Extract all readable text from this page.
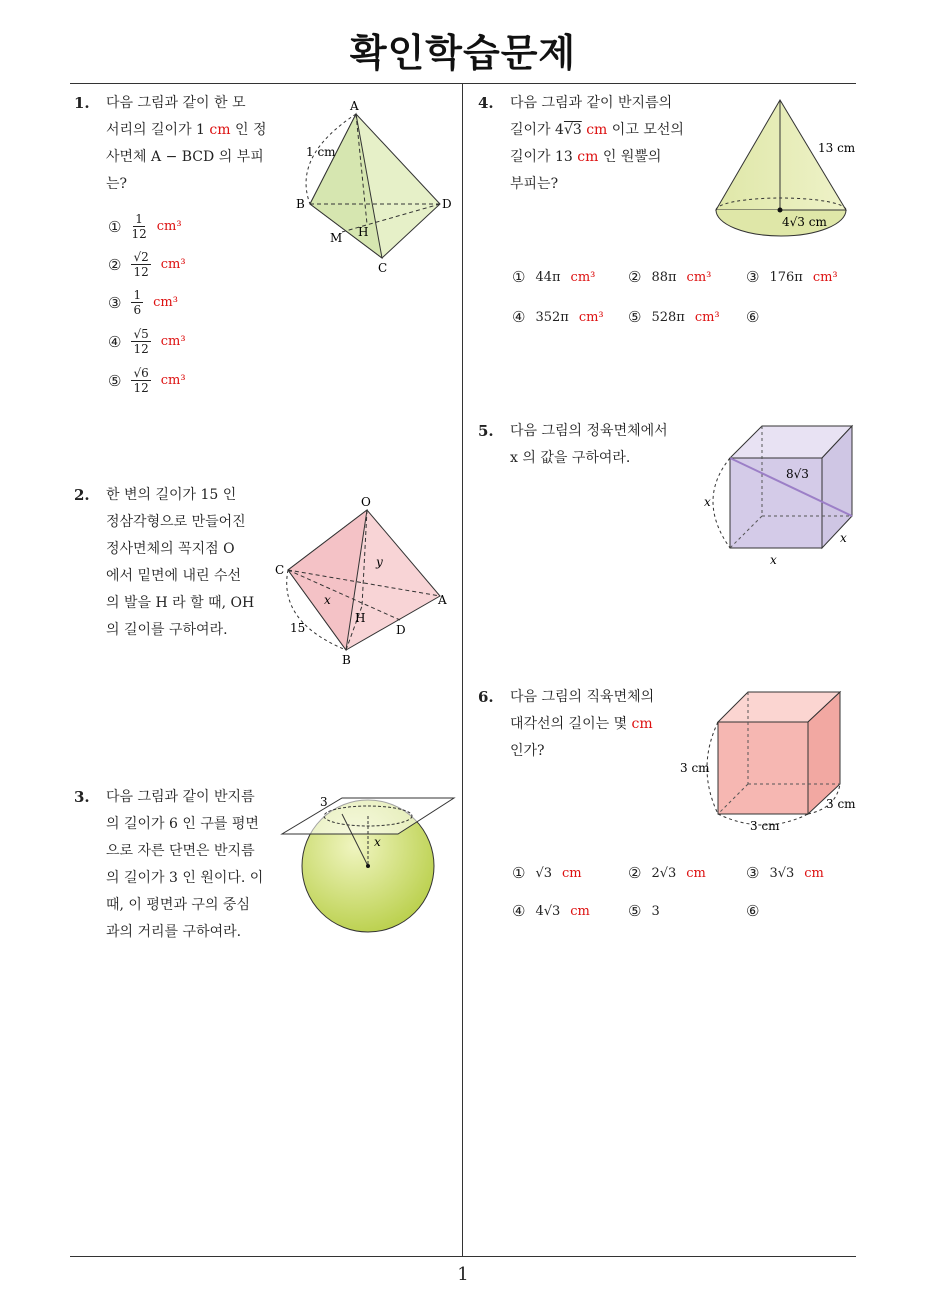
확인학습문제
1
1. 다음 그림과 같이 한 모
서리의 길이가 1 cm 인 정
사면체 A − BCD 의 부피
는?
① $\frac{1}{12} cm^3$
② $\frac{√2}{12} cm^3$
③ $\frac{1}{6} cm^3$
④ $\frac{√5}{12} cm^3$
⑤ $\frac{√6}{12} cm^3$
A
B
C
D
M H
1 cm
2. 한 변의 길이가 15 인
정삼각형으로 만들어진
정사면체의 꼭지점 O
에서 밑면에 내린 수선
의 발을 H 라 할 때, OH
의 길이를 구하여라.
O
C
A
B
H
D
x
y
15
3. 다음 그림과 같이 반지름
의 길이가 6 인 구를 평면
으로 자른 단면은 반지름
의 길이가 3 인 원이다. 이
때, 이 평면과 구의 중심
과의 거리를 구하여라.
3
x
4. 다음 그림과 같이 반지름의
길이가 4√3 cm 이고 모선의
길이가 13 cm 인 원뿔의
부피는?
13 cm
4√3 cm
① 44π cm³ ② 88π cm³ ③ 176π cm³
④ 352π cm³ ⑤ 528π cm³ ⑥
5. 다음 그림의 정육면체에서
x 의 값을 구하여라.
8√3
x
x
x
6. 다음 그림의 직육면체의
대각선의 길이는 몇 cm
인가?
3 cm
3 cm
3 cm
① √3 cm	② 2√3 cm	③ 3√3 cm
④ 4√3 cm	⑤ 3	⑥
